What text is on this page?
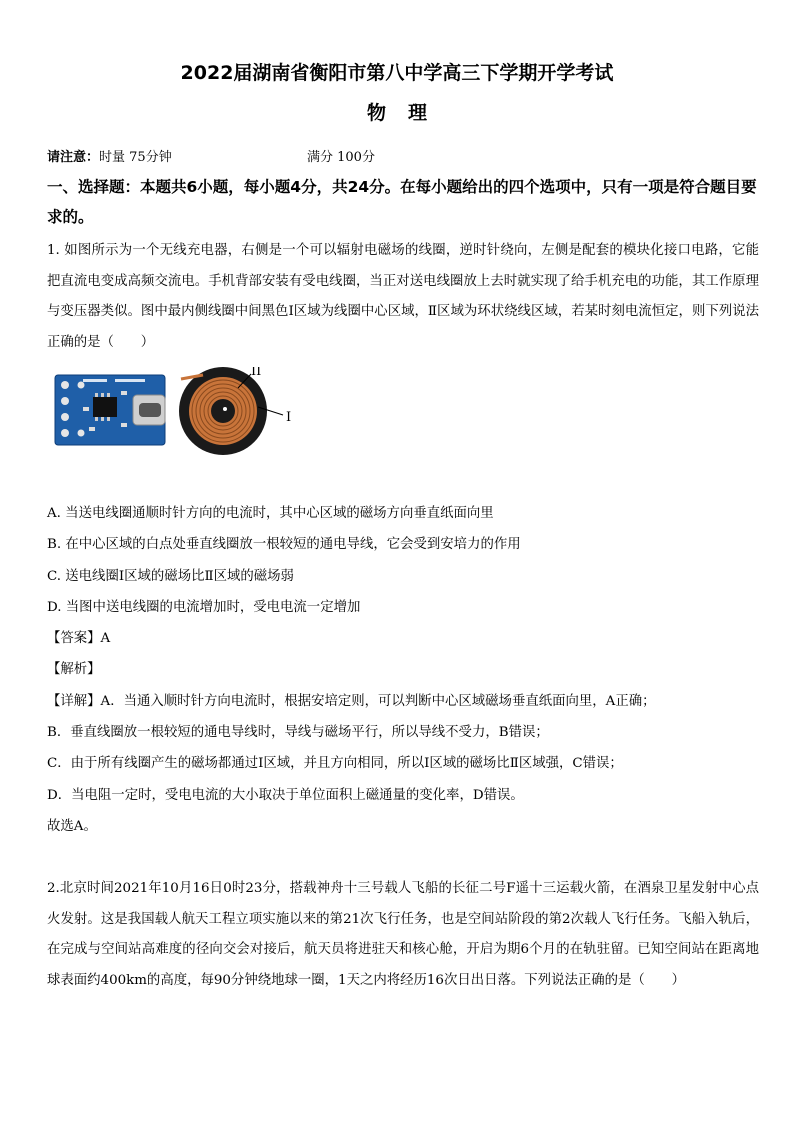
2022届湖南省衡阳市第八中学高三下学期开学考试
物理
请注意：时量 75分钟	满分 100分
一、选择题：本题共6小题，每小题4分，共24分。在每小题给出的四个选项中，只有一项是符合题目要求的。
1. 如图所示为一个无线充电器，右侧是一个可以辐射电磁场的线圈，逆时针绕向，左侧是配套的模块化接口电路，它能把直流电变成高频交流电。手机背部安装有受电线圈，当正对送电线圈放上去时就实现了给手机充电的功能，其工作原理与变压器类似。图中最内侧线圈中间黑色Ⅰ区域为线圈中心区域，Ⅱ区域为环状绕线区域，若某时刻电流恒定，则下列说法正确的是（　　）
II
I
A. 当送电线圈通顺时针方向的电流时，其中心区域的磁场方向垂直纸面向里
B. 在中心区域的白点处垂直线圈放一根较短的通电导线，它会受到安培力的作用
C. 送电线圈Ⅰ区域的磁场比Ⅱ区域的磁场弱
D. 当图中送电线圈的电流增加时，受电电流一定增加
【答案】A
【解析】
【详解】A．当通入顺时针方向电流时，根据安培定则，可以判断中心区域磁场垂直纸面向里，A正确；
B．垂直线圈放一根较短的通电导线时，导线与磁场平行，所以导线不受力，B错误；
C．由于所有线圈产生的磁场都通过Ⅰ区域，并且方向相同，所以Ⅰ区域的磁场比Ⅱ区域强，C错误；
D．当电阻一定时，受电电流的大小取决于单位面积上磁通量的变化率，D错误。
故选A。
2.北京时间2021年10月16日0时23分，搭载神舟十三号载人飞船的长征二号F遥十三运载火箭，在酒泉卫星发射中心点火发射。这是我国载人航天工程立项实施以来的第21次飞行任务，也是空间站阶段的第2次载人飞行任务。飞船入轨后，在完成与空间站高难度的径向交会对接后，航天员将进驻天和核心舱，开启为期6个月的在轨驻留。已知空间站在距离地球表面约400km的高度，每90分钟绕地球一圈，1天之内将经历16次日出日落。下列说法正确的是（　　）
